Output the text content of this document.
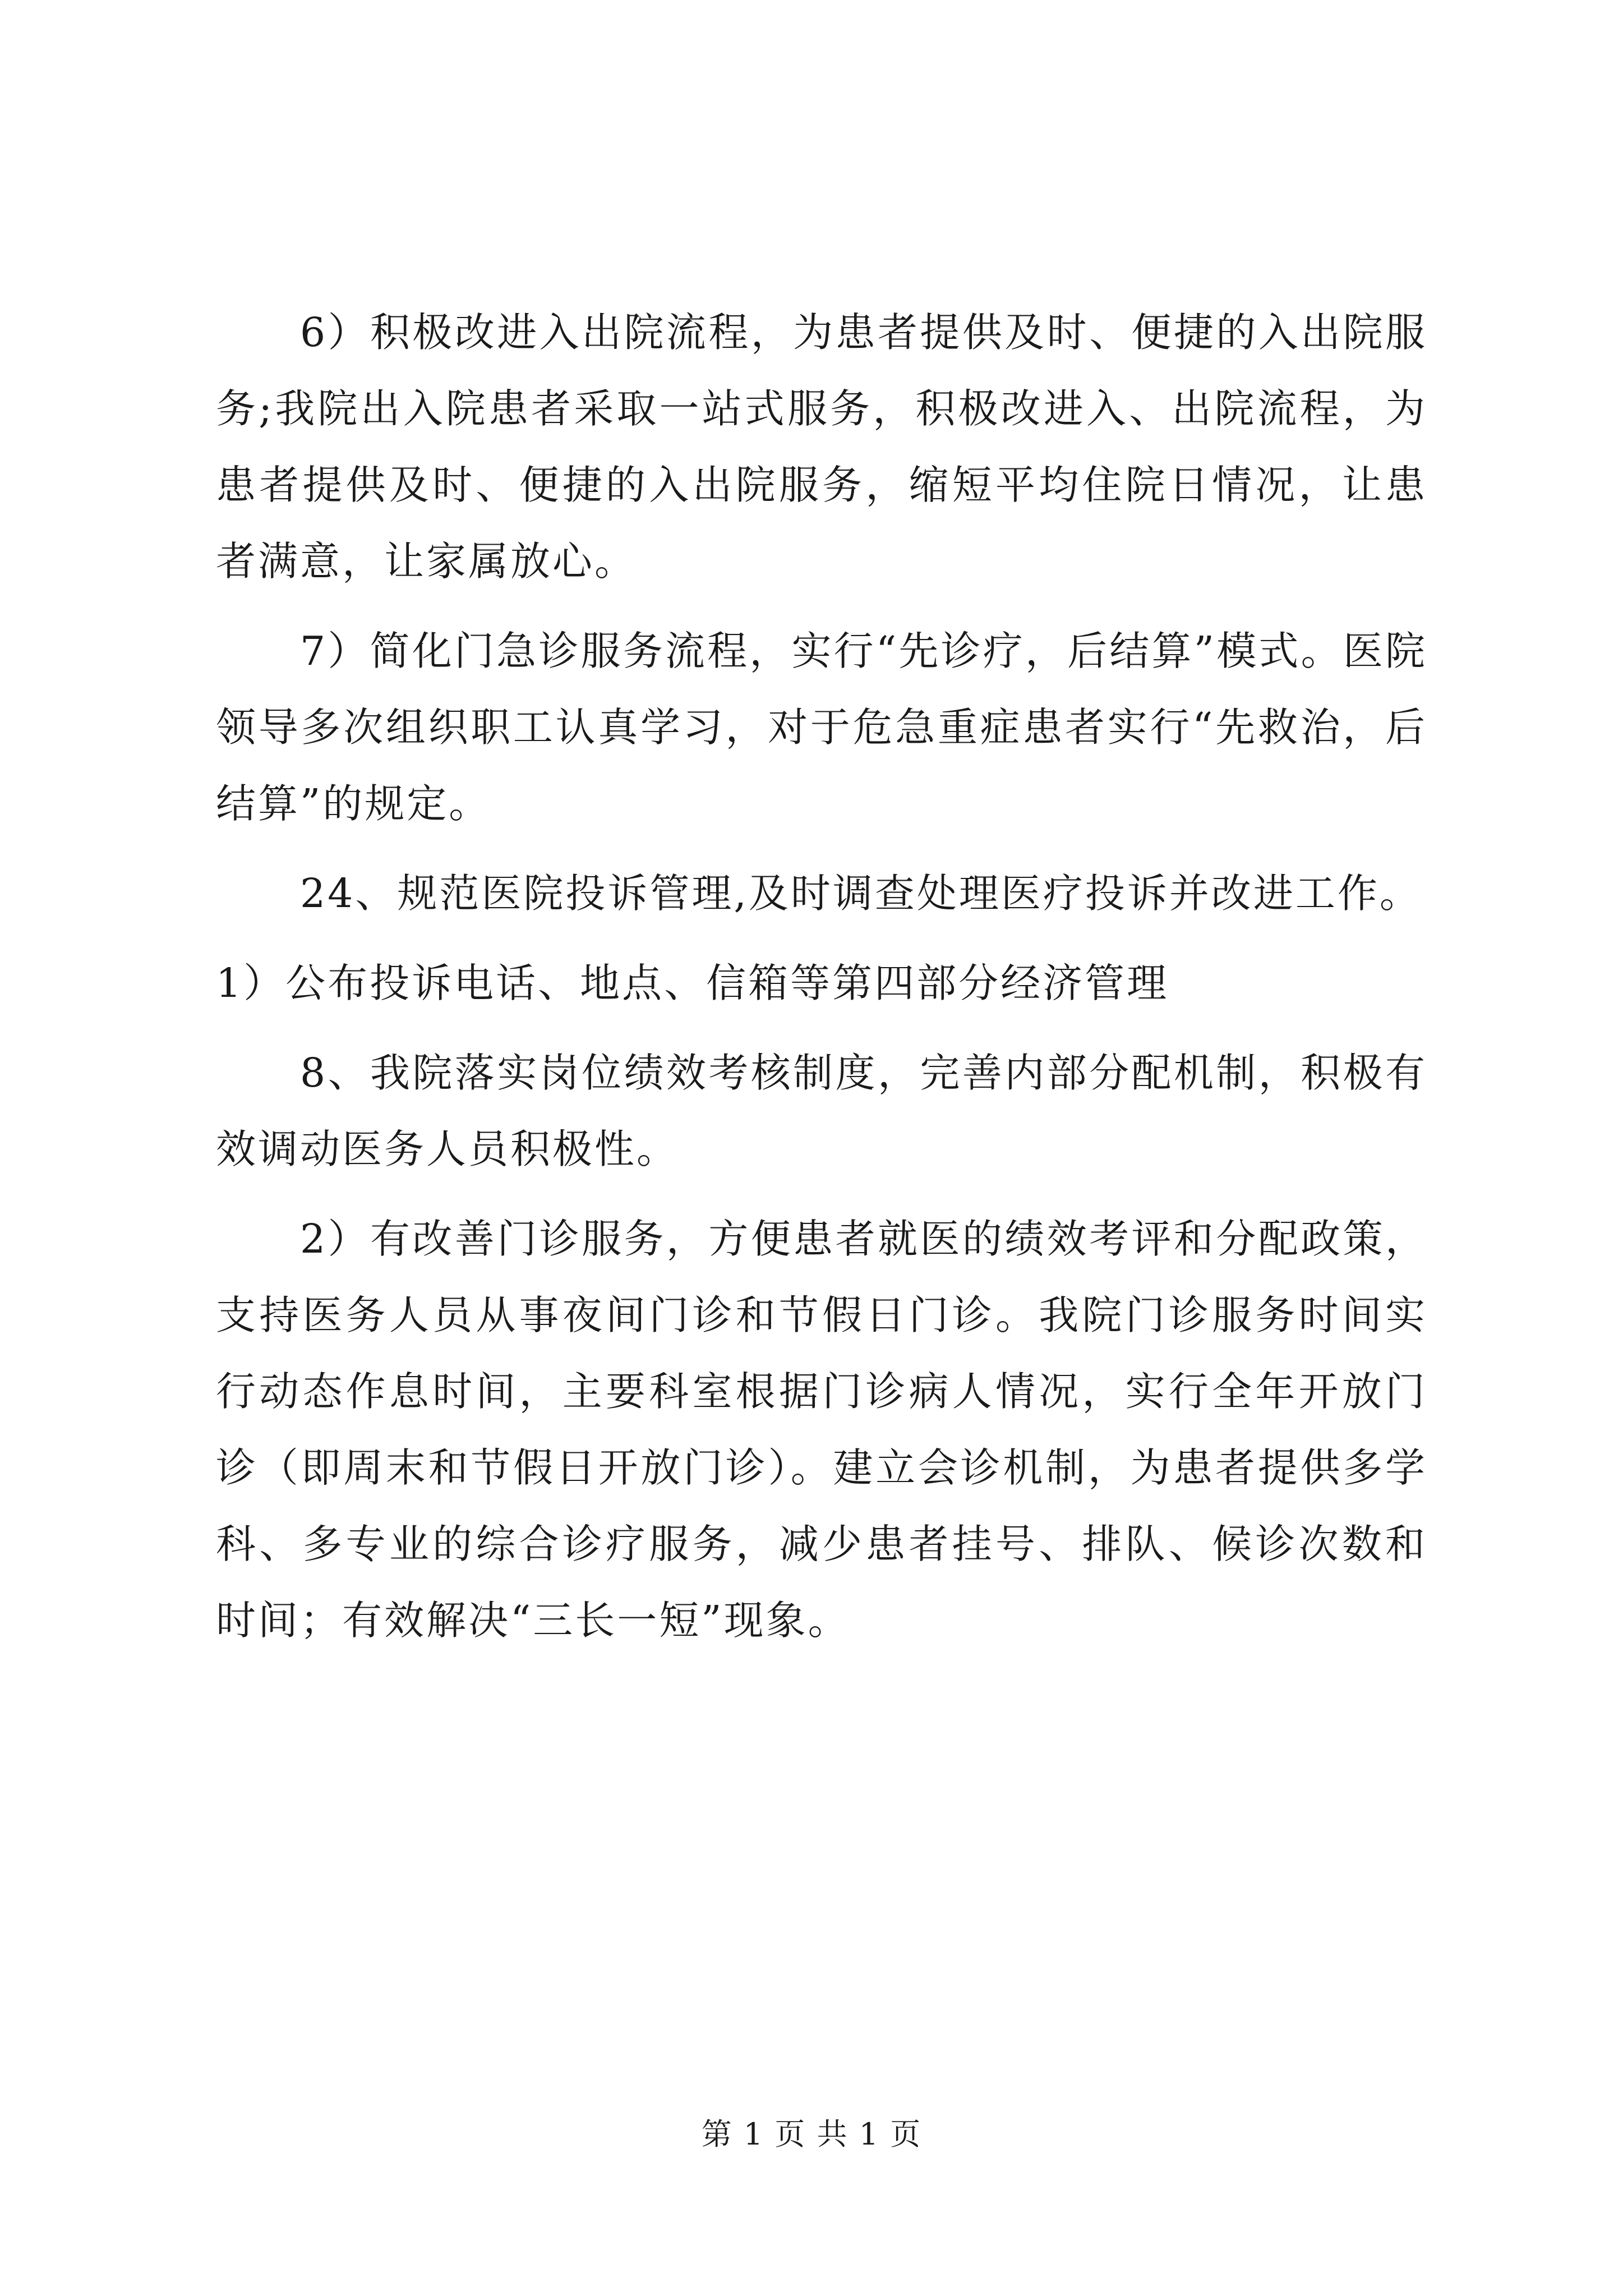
6）积极改进入出院流程，为患者提供及时、便捷的入出院服务;我院出入院患者采取一站式服务，积极改进入、出院流程，为患者提供及时、便捷的入出院服务，缩短平均住院日情况，让患者满意，让家属放心。

7）简化门急诊服务流程，实行“先诊疗，后结算”模式。医院领导多次组织职工认真学习，对于危急重症患者实行“先救治，后结算”的规定。

24、规范医院投诉管理,及时调查处理医疗投诉并改进工作。

1）公布投诉电话、地点、信箱等第四部分经济管理

8、我院落实岗位绩效考核制度，完善内部分配机制，积极有效调动医务人员积极性。

2）有改善门诊服务，方便患者就医的绩效考评和分配政策，支持医务人员从事夜间门诊和节假日门诊。我院门诊服务时间实行动态作息时间，主要科室根据门诊病人情况，实行全年开放门诊（即周末和节假日开放门诊）。建立会诊机制，为患者提供多学科、多专业的综合诊疗服务，减少患者挂号、排队、候诊次数和时间；有效解决“三长一短”现象。

第 1 页 共 1 页
